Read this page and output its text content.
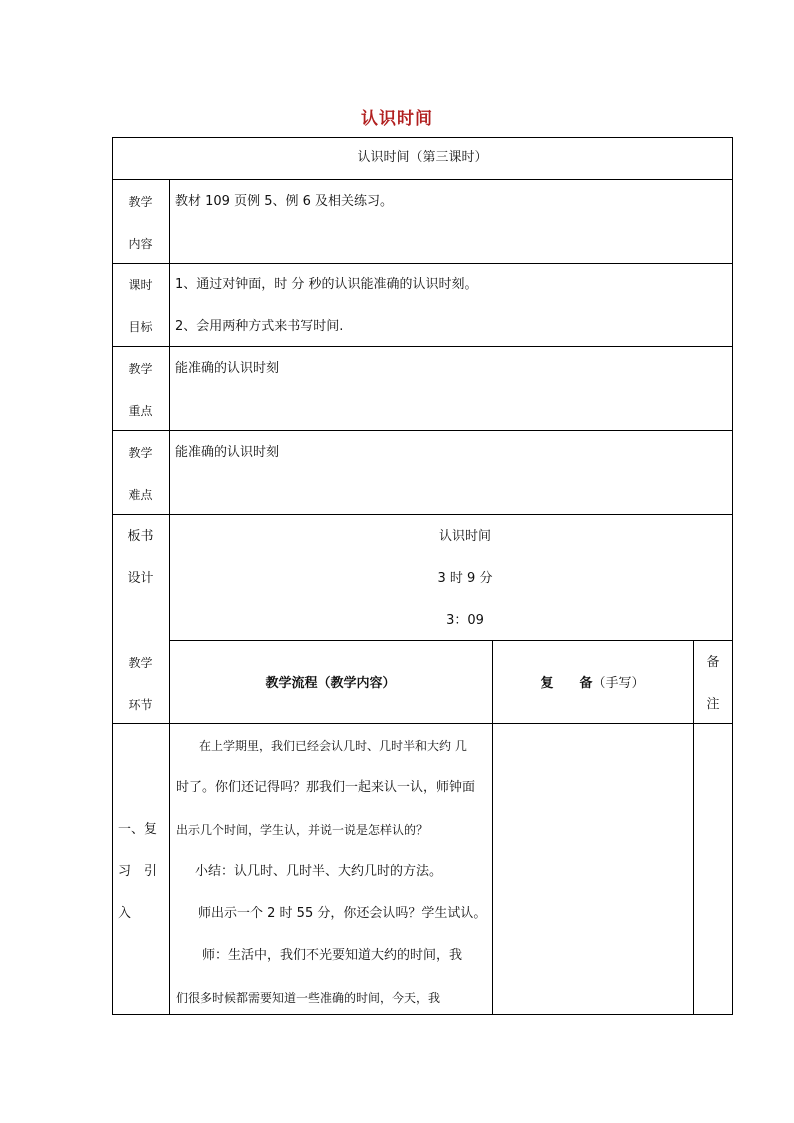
认识时间
认识时间（第三课时）
教学
内容
教材 109 页例 5、例 6 及相关练习。
课时
目标
1、通过对钟面，时 分 秒的认识能准确的认识时刻。
2、会用两种方式来书写时间.
教学
重点
能准确的认识时刻
教学
难点
能准确的认识时刻
板书
设计
认识时间
3 时 9 分
3：09
教学
环节
教学流程（教学内容）	复　　备（手写）
备
注
一、复
习　引
入
在上学期里，我们已经会认几时、几时半和大约 几
时了。你们还记得吗？那我们一起来认一认，师钟面
出示几个时间，学生认，并说一说是怎样认的？
小结：认几时、几时半、大约几时的方法。
师出示一个 2 时 55 分，你还会认吗？学生试认。
师：生活中，我们不光要知道大约的时间，我
们很多时候都需要知道一些准确的时间，今天，我
